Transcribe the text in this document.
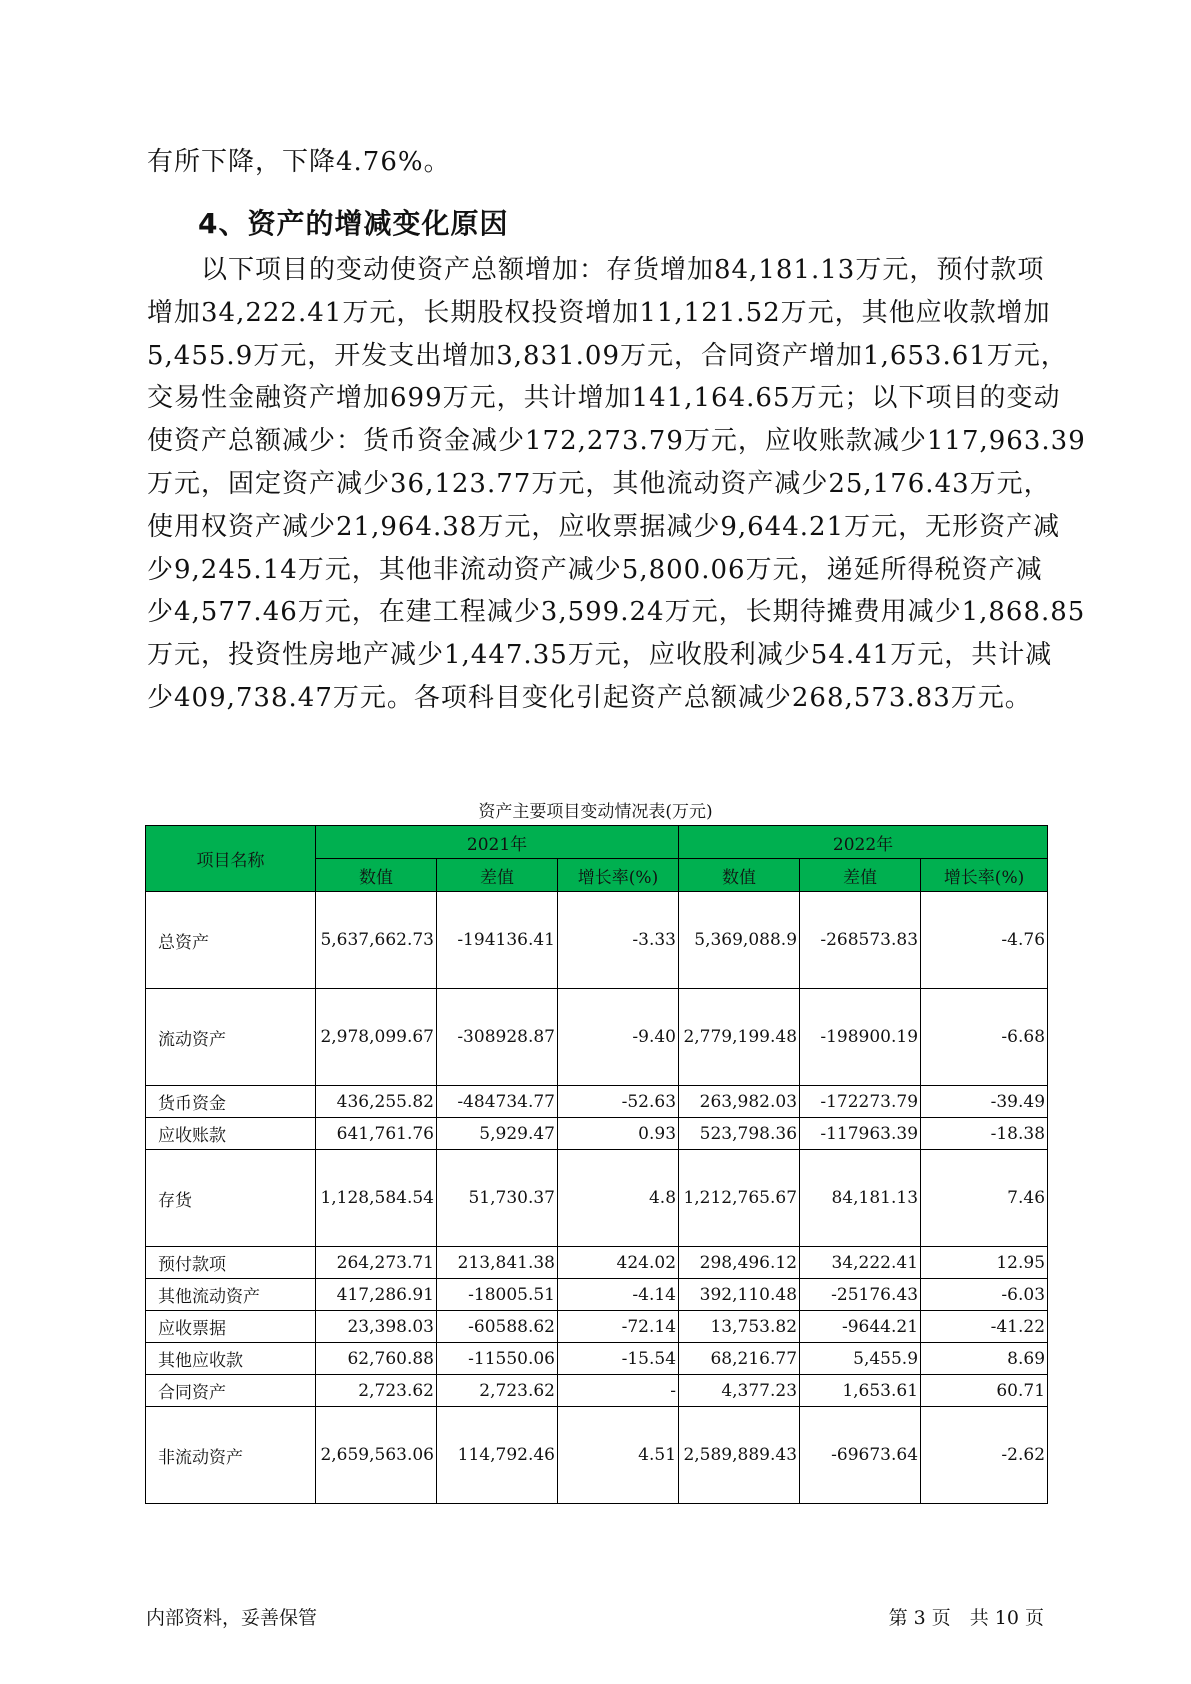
有所下降，下降4.76%。
4、资产的增减变化原因
　　以下项目的变动使资产总额增加：存货增加84,181.13万元，预付款项
增加34,222.41万元，长期股权投资增加11,121.52万元，其他应收款增加
5,455.9万元，开发支出增加3,831.09万元，合同资产增加1,653.61万元，
交易性金融资产增加699万元，共计增加141,164.65万元；以下项目的变动
使资产总额减少：货币资金减少172,273.79万元，应收账款减少117,963.39
万元，固定资产减少36,123.77万元，其他流动资产减少25,176.43万元，
使用权资产减少21,964.38万元，应收票据减少9,644.21万元，无形资产减
少9,245.14万元，其他非流动资产减少5,800.06万元，递延所得税资产减
少4,577.46万元，在建工程减少3,599.24万元，长期待摊费用减少1,868.85
万元，投资性房地产减少1,447.35万元，应收股利减少54.41万元，共计减
少409,738.47万元。各项科目变化引起资产总额减少268,573.83万元。
资产主要项目变动情况表(万元)
项目名称	2021年			2022年		
	数值	差值	增长率(%)	数值	差值	增长率(%)
总资产	5,637,662.73	-194136.41	-3.33	5,369,088.9	-268573.83	-4.76
流动资产	2,978,099.67	-308928.87	-9.40	2,779,199.48	-198900.19	-6.68
货币资金	436,255.82	-484734.77	-52.63	263,982.03	-172273.79	-39.49
应收账款	641,761.76	5,929.47	0.93	523,798.36	-117963.39	-18.38
存货	1,128,584.54	51,730.37	4.8	1,212,765.67	84,181.13	7.46
预付款项	264,273.71	213,841.38	424.02	298,496.12	34,222.41	12.95
其他流动资产	417,286.91	-18005.51	-4.14	392,110.48	-25176.43	-6.03
应收票据	23,398.03	-60588.62	-72.14	13,753.82	-9644.21	-41.22
其他应收款	62,760.88	-11550.06	-15.54	68,216.77	5,455.9	8.69
合同资产	2,723.62	2,723.62	-	4,377.23	1,653.61	60.71
非流动资产	2,659,563.06	114,792.46	4.51	2,589,889.43	-69673.64	-2.62
内部资料，妥善保管	第 3 页　共 10 页
